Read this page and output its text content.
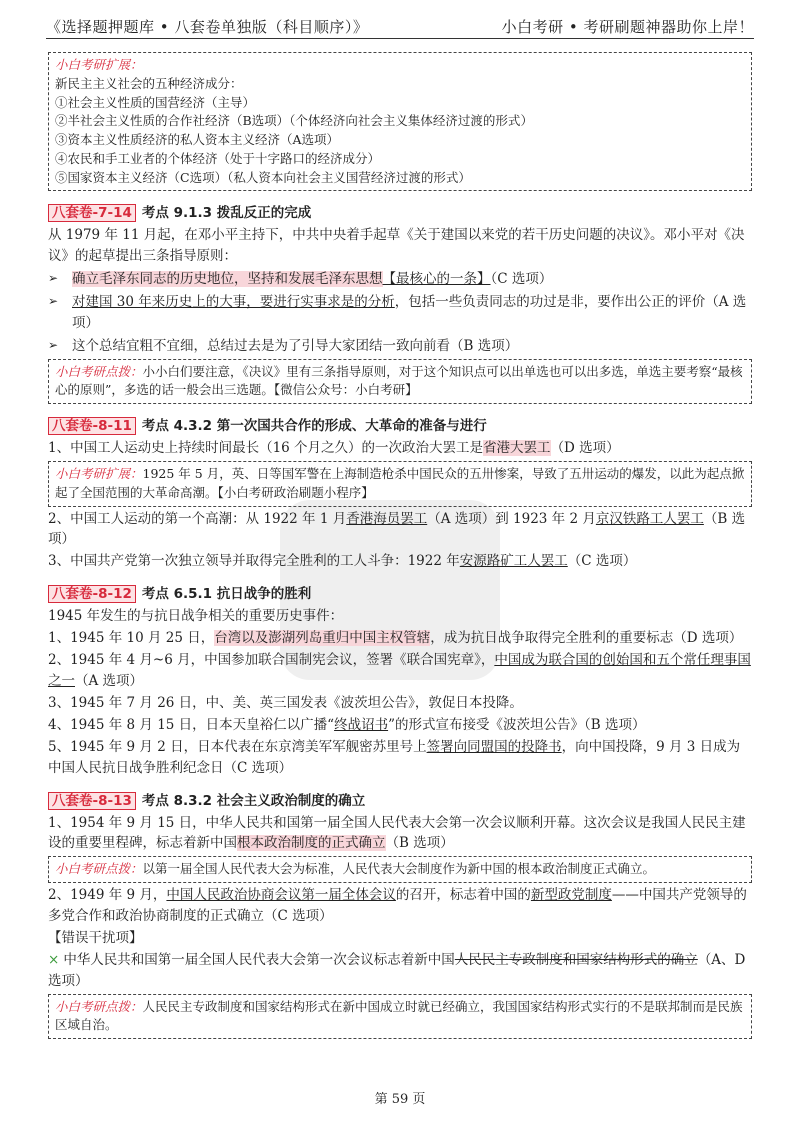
《选择题押题库 • 八套卷单独版（科目顺序）》	小白考研 • 考研刷题神器助你上岸！
小白考研扩展：
新民主主义社会的五种经济成分：
①社会主义性质的国营经济（主导）
②半社会主义性质的合作社经济（B选项）（个体经济向社会主义集体经济过渡的形式）
③资本主义性质经济的私人资本主义经济（A选项）
④农民和手工业者的个体经济（处于十字路口的经济成分）
⑤国家资本主义经济（C选项）（私人资本向社会主义国营经济过渡的形式）
八套卷-7-14 考点 9.1.3 拨乱反正的完成
从 1979 年 11 月起，在邓小平主持下，中共中央着手起草《关于建国以来党的若干历史问题的决议》。邓小平对《决议》的起草提出三条指导原则：
➢	确立毛泽东同志的历史地位，坚持和发展毛泽东思想【最核心的一条】（C 选项）
➢	对建国 30 年来历史上的大事，要进行实事求是的分析，包括一些负责同志的功过是非，要作出公正的评价（A 选项）
➢	这个总结宜粗不宜细，总结过去是为了引导大家团结一致向前看（B 选项）
小白考研点拨：小小白们要注意，《决议》里有三条指导原则，对于这个知识点可以出单选也可以出多选，单选主要考察“最核心的原则”，多选的话一般会出三选题。【微信公众号：小白考研】
八套卷-8-11 考点 4.3.2 第一次国共合作的形成、大革命的准备与进行
1、中国工人运动史上持续时间最长（16 个月之久）的一次政治大罢工是省港大罢工（D 选项）
小白考研扩展：1925 年 5 月，英、日等国军警在上海制造枪杀中国民众的五卅惨案，导致了五卅运动的爆发，以此为起点掀起了全国范围的大革命高潮。【小白考研政治刷题小程序】
2、中国工人运动的第一个高潮：从 1922 年 1 月香港海员罢工（A 选项）到 1923 年 2 月京汉铁路工人罢工（B 选项）
3、中国共产党第一次独立领导并取得完全胜利的工人斗争：1922 年安源路矿工人罢工（C 选项）
八套卷-8-12 考点 6.5.1 抗日战争的胜利
1945 年发生的与抗日战争相关的重要历史事件：
1、1945 年 10 月 25 日，台湾以及澎湖列岛重归中国主权管辖，成为抗日战争取得完全胜利的重要标志（D 选项）
2、1945 年 4 月~6 月，中国参加联合国制宪会议，签署《联合国宪章》，中国成为联合国的创始国和五个常任理事国之一（A 选项）
3、1945 年 7 月 26 日，中、美、英三国发表《波茨坦公告》，敦促日本投降。
4、1945 年 8 月 15 日，日本天皇裕仁以广播“终战诏书”的形式宣布接受《波茨坦公告》（B 选项）
5、1945 年 9 月 2 日，日本代表在东京湾美军军舰密苏里号上签署向同盟国的投降书，向中国投降，9 月 3 日成为中国人民抗日战争胜利纪念日（C 选项）
八套卷-8-13 考点 8.3.2 社会主义政治制度的确立
1、1954 年 9 月 15 日，中华人民共和国第一届全国人民代表大会第一次会议顺利开幕。这次会议是我国人民民主建设的重要里程碑，标志着新中国根本政治制度的正式确立（B 选项）
小白考研点拨：以第一届全国人民代表大会为标准，人民代表大会制度作为新中国的根本政治制度正式确立。
2、1949 年 9 月，中国人民政治协商会议第一届全体会议的召开，标志着中国的新型政党制度——中国共产党领导的多党合作和政治协商制度的正式确立（C 选项）
【错误干扰项】
× 中华人民共和国第一届全国人民代表大会第一次会议标志着新中国人民民主专政制度和国家结构形式的确立（A、D 选项）
小白考研点拨：人民民主专政制度和国家结构形式在新中国成立时就已经确立，我国国家结构形式实行的不是联邦制而是民族区域自治。
第 59 页
